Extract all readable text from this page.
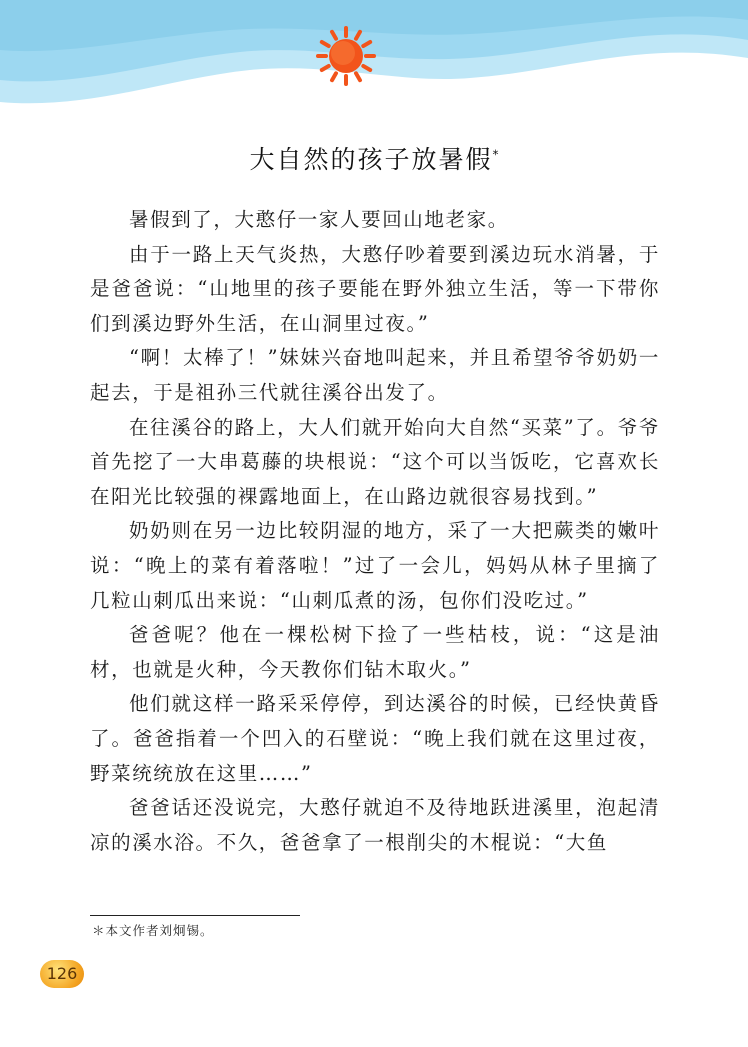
大自然的孩子放暑假*

暑假到了，大憨仔一家人要回山地老家。

由于一路上天气炎热，大憨仔吵着要到溪边玩水消暑，于是爸爸说：“山地里的孩子要能在野外独立生活，等一下带你们到溪边野外生活，在山洞里过夜。”

“啊！太棒了！”妹妹兴奋地叫起来，并且希望爷爷奶奶一起去，于是祖孙三代就往溪谷出发了。

在往溪谷的路上，大人们就开始向大自然“买菜”了。爷爷首先挖了一大串葛藤的块根说：“这个可以当饭吃，它喜欢长在阳光比较强的裸露地面上，在山路边就很容易找到。”

奶奶则在另一边比较阴湿的地方，采了一大把蕨类的嫩叶说：“晚上的菜有着落啦！”过了一会儿，妈妈从林子里摘了几粒山刺瓜出来说：“山刺瓜煮的汤，包你们没吃过。”

爸爸呢？他在一棵松树下捡了一些枯枝，说：“这是油材，也就是火种，今天教你们钻木取火。”

他们就这样一路采采停停，到达溪谷的时候，已经快黄昏了。爸爸指着一个凹入的石壁说：“晚上我们就在这里过夜，野菜统统放在这里……”

爸爸话还没说完，大憨仔就迫不及待地跃进溪里，泡起清凉的溪水浴。不久，爸爸拿了一根削尖的木棍说：“大鱼

＊本文作者刘炯锡。
126
